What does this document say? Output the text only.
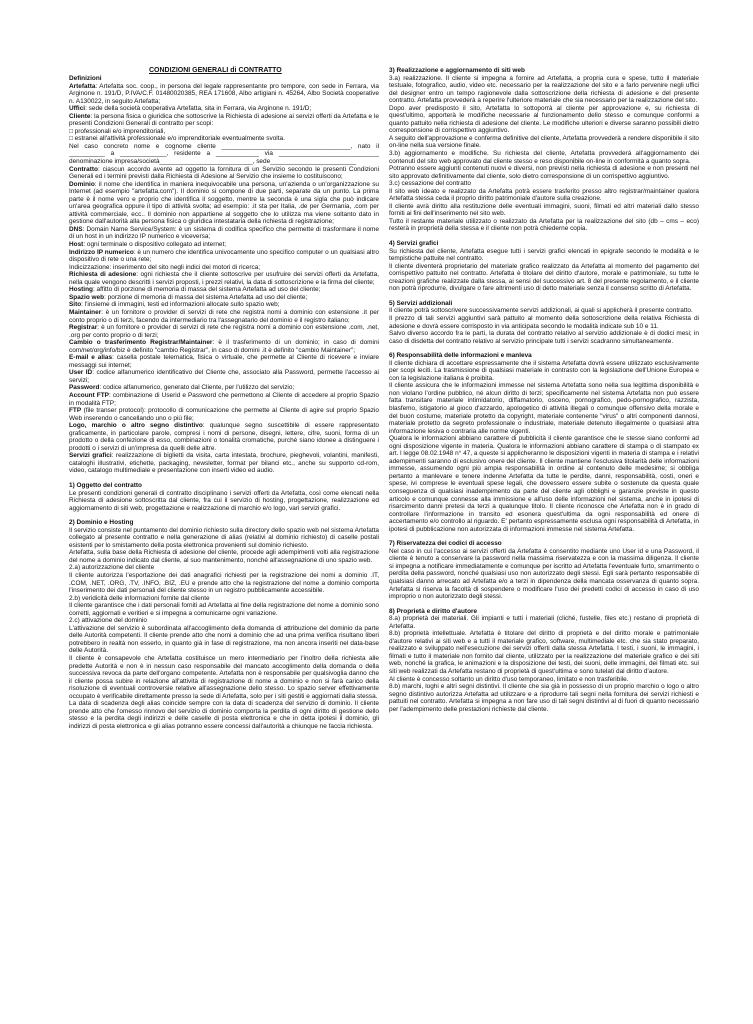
CONDIZIONI GENERALI di CONTRATTO

Definizioni

Artefatta: Artefatta soc. coop., in persona del legale rappresentante pro tempore, con sede in Ferrara, via Arginone n. 191/D, P.IVA/C.F. 01480020385, REA 171608, Albo artigiani n. 45264, Albo Società cooperative n. A130022, in seguito Artefatta;

Uffici: sede della società cooperativa Artefatta, sita in Ferrara, via Arginone n. 191/D;

Cliente: la persona fisica o giuridica che sottoscrive la Richiesta di adesione ai servizi offerti da Artefatta e le presenti Condizioni Generali di contratto per scopi:

□ professionali e/o imprenditoriali,

□ estranei all'attività professionale e/o imprenditoriale eventualmente svolta.

Nel caso concreto nome e cognome cliente ____________________________________, nato il __________ a _____________, residente a ____________ via ____________________________ denominazione impresa/società__________________________, sede________________________

Contratto: ciascun accordo avente ad oggetto la fornitura di un Servizio secondo le presenti Condizioni Generali ed i termini previsti dalla Richiesta di Adesione al Servizio che insieme lo costituiscono;

Dominio: il nome che identifica in maniera inequivocabile una persona, un'azienda o un'organizzazione su Internet (ad esempio "artefatta.com"). Il dominio si compone di due parti, separate da un punto. La prima parte è il nome vero e proprio che identifica il soggetto, mentre la seconda è una sigla che può indicare un'area geografica oppure il tipo di attività svolta; ad esempio: .it sta per Italia, .de per Germania, .com per attività commerciale, ecc.. Il dominio non appartiene al soggetto che lo utilizza ma viene soltanto dato in gestione dall'autorità alla persona fisica o giuridica intestataria della richiesta di registrazione;

DNS: Domain Name Service/System: è un sistema di codifica specifico che permette di trasformare il nome di un host in un indirizzo IP numerico e viceversa;

Host: ogni terminale o dispositivo collegato ad internet;

Indirizzo IP numerico: è un numero che identifica univocamente uno specifico computer o un qualsiasi altro dispositivo di rete o una rete;

Indicizzazione: inserimento del sito negli indici dei motori di ricerca;

Richiesta di adesione: ogni richiesta che il cliente sottoscrive per usufruire dei servizi offerti da Artefatta, nella quale vengono descritti i servizi proposti, i prezzi relativi, la data di sottoscrizione e la firma del cliente;

Hosting: affitto di porzione di memoria di massa del sistema Artefatta ad uso del cliente;

Spazio web: porzione di memoria di massa del sistema Artefatta ad uso del cliente;

Sito: l'insieme di immagini, testi ed informazioni allocate sullo spazio web;

Maintainer: è un fornitore o provider di servizi di rete che registra nomi a dominio con estensione .it per conto proprio o di terzi, facendo da intermediario tra l'assegnatario del dominio e il registro italiano;

Registrar: è un fornitore o provider di servizi di rete che registra nomi a dominio con estensione .com, .net, .org per conto proprio o di terzi;

Cambio o trasferimento Registrar/Maintainer: è il trasferimento di un dominio; in caso di domini com/net/org/info/biz è definito "cambio Registrar", in caso di domini .it è definito "cambio Maintainer";

E-mail e alias: casella postale telematica, fisica o virtuale, che permette al Cliente di ricevere e inviare messaggi sui internet;

User ID: codice alfanumerico identificativo del Cliente che, associato alla Password, permette l'accesso ai servizi;

Password: codice alfanumerico, generato dal Cliente, per l'utilizzo del servizio;

Account FTP: combinazione di Userid e Password che permettono al Cliente di accedere al proprio Spazio in modalità FTP;

FTP (file transer protocol): protocollo di comunicazione che permette al Cliente di agire sul proprio Spazio Web inserendo o cancellando uno o più file;

Logo, marchio o altro segno distintivo: qualunque segno suscettibile di essere rappresentato graficamente, in particolare parole, compresi i nomi di persone, disegni, lettere, cifre, suoni, forma di un prodotto o della confezione di esso, combinazioni o tonalità cromatiche, purché siano idonee a distinguere i prodotti o i servizi di un'impresa da quelli delle altre.

Servizi grafici: realizzazione di biglietti da visita, carta intestata, brochure, pieghevoli, volantini, manifesti, cataloghi illustrativi, etichette, packaging, newsletter, format per bilanci etc., anche su supporto cd-rom, video, catalogo multimediale e presentazione con inserti video ed audio.

1) Oggetto del contratto

Le presenti condizioni generali di contratto disciplinano i servizi offerti da Artefatta, così come elencati nella Richiesta di adesione sottoscritta dal cliente, fra cui il servizio di hosting, progettazione, realizzazione ed aggiornamento di siti web, progettazione e realizzazione di marchio e/o logo, vari servizi grafici.

2) Dominio e Hosting

Il servizio consiste nel puntamento del dominio richiesto sulla directory dello spazio web nel sistema Artefatta collegato al presente contratto e nella generazione di alias (relativi al dominio richiesto) di caselle postali esistenti per lo smistamento della posta elettronica provenienti sul dominio richiesto.

Artefatta, sulla base della Richiesta di adesione del cliente, procede agli adempimenti volti alla registrazione del nome a dominio indicato dal cliente, al suo mantenimento, nonché all'assegnazione di uno spazio web.

2.a) autorizzazione del cliente

Il cliente autorizza l'esportazione dei dati anagrafici richiesti per la registrazione dei nomi a dominio .IT, .COM, .NET, .ORG, .TV, .INFO, .BIZ, .EU e prende atto che la registrazione del nome a dominio comporta l'inserimento dei dati personali del cliente stesso in un registro pubblicamente accessibile.

2.b) veridicità delle informazioni fornite dal cliente

Il cliente garantisce che i dati personali forniti ad Artefatta al fine della registrazione del nome a dominio sono corretti, aggiornati e veritieri e si impegna a comunicarne ogni variazione.

2.c) attivazione del dominio

L'attivazione del servizio è subordinata all'accoglimento della domanda di attribuzione del dominio da parte delle Autorità competenti. Il cliente prende atto che nomi a dominio che ad una prima verifica risultano liberi potrebbero in realtà non esserlo, in quanto già in fase di registrazione, ma non ancora inseriti nel data-base delle Autorità.

Il cliente è consapevole che Artefatta costituisce un mero intermediario per l'inoltro della richiesta alle predette Autorità e non è in nessun caso responsabile del mancato accoglimento della domanda o della successiva revoca da parte dell'organo competente. Artefatta non è responsabile per qualsivoglia danno che il cliente possa subire in relazione all'attività di registrazione di nome a dominio e non si farà carico della risoluzione di eventuali controversie relative all'assegnazione dello stesso. Lo spazio server effettivamente occupato è verificabile direttamente presso la sede di Artefatta, solo per i siti gestiti e aggiornati dalla stessa.

La data di scadenza degli alias coincide sempre con la data di scadenza del servizio di dominio. Il cliente prende atto che l'omesso rinnovo del servizio di dominio comporta la perdita di ogni diritto di gestione dello stesso e la perdita degli indirizzi e delle caselle di posta elettronica e che in detta ipotesi il dominio, gli indirizzi di posta elettronica e gli alias potranno essere concessi dall'autorità a chiunque ne faccia richiesta.

3) Realizzazione e aggiornamento di siti web

3.a) realizzazione. Il cliente si impegna a fornire ad Artefatta, a propria cura e spese, tutto il materiale testuale, fotografico, audio, video etc. necessario per la realizzazione del sito e a farlo pervenire negli uffici del designer entro un tempo ragionevole dalla sottoscrizione della richiesta di adesione e del presente contratto. Artefatta provvederà a reperire l'ulteriore materiale che sia necessario per la realizzazione del sito.

Dopo aver predisposto il sito, Artefatta lo sottoporrà al cliente per approvazione e, su richiesta di quest'ultimo, apporterà le modifiche necessarie al funzionamento dello stesso e comunque conformi a quanto pattuito nella richiesta di adesione del cliente. Le modifiche ulteriori e diverse saranno possibili dietro corresponsione di corrispettivo aggiuntivo.

A seguito dell'approvazione e conferma definitive del cliente, Artefatta provvederà a rendere disponibile il sito on-line nella sua versione finale.

3.b) aggiornamento e modifiche. Su richiesta del cliente, Artefatta provvederà all'aggiornamento dei contenuti del sito web approvato dal cliente stesso e reso disponibile on-line in conformità a quanto sopra.

Potranno essere aggiunti contenuti nuovi e diversi, non previsti nella richiesta di adesione e non presenti nel sito approvato definitivamente dal cliente, solo dietro corresponsione di un corrispettivo aggiuntivo.

3.c) cessazione del contratto

Il sito web ideato e realizzato da Artefatta potrà essere trasferito presso altro registrar/maintainer qualora Artefatta stessa ceda il proprio diritto patrimoniale d'autore sulla creazione.

Il cliente avrà diritto alla restituzione delle eventuali immagini, suoni, filmati ed altri materiali dallo stesso forniti ai fini dell'inserimento nel sito web.

Tutto il restante materiale utilizzato o realizzato da Artefatta per la realizzazione del sito (db – cms – eco) resterà in proprietà della stessa e il cliente non potrà chiederne copia.

4) Servizi grafici

Su richiesta del cliente, Artefatta esegue tutti i servizi grafici elencati in epigrafe secondo le modalità e le tempistiche pattuite nel contratto.

Il cliente diventerà proprietario del materiale grafico realizzato da Artefatta al momento del pagamento del corrispettivo pattuito nel contratto. Artefatta è titolare del diritto d'autore, morale e patrimoniale, su tutte le creazioni grafiche realizzate dalla stessa, ai sensi del successivo art. 8 del presente regolamento, e il cliente non potrà riprodurre, divulgare o fare altrimenti uso di detto materiale senza il consenso scritto di Artefatta.

5) Servizi addizionali

Il cliente potrà sottoscrivere successivamente servizi addizionali, ai quali si applicherà il presente contratto.

Il prezzo di tali servizi aggiuntivi sarà pattuito al momento della sottoscrizione della relativa Richiesta di adesione e dovrà essere corrisposto in via anticipata secondo le modalità indicate sub 10 e 11.

Salvo diverso accordo fra le parti, la durata del contratto relativo al servizio addizionale è di dodici mesi; in caso di disdetta del contratto relativo al servizio principale tutti i servizi scadranno simultaneamente.

6) Responsabilità delle informazioni e manleva

Il cliente dichiara di accettare espressamente che il sistema Artefatta dovrà essere utilizzato esclusivamente per scopi leciti. La trasmissione di qualsiasi materiale in contrasto con la legislazione dell'Unione Europea e con la legislazione italiana è proibita.

Il cliente assicura che le informazioni immesse nel sistema Artefatta sono nella sua legittima disponibilità e non violano l'ordine pubblico, né alcun diritto di terzi; specificamente nel sistema Artefatta non può essere fatta transitare materiale intimidatorio, diffamatorio, osceno, pornografico, pedo-pornografico, razzista, blasfemo, istigatorio al gioco d'azzardo, apologetico di attività illegali o comunque offensivo della morale e del buon costume, materiale protetto da copyright, materiale contenente "virus" o altri componenti dannosi, materiale protetto da segreto professionale o industriale, materiale detenuto illegalmente o qualsiasi altra informazione lesiva o contraria alle norme vigenti.

Qualora le informazioni abbiano carattere di pubblicità il cliente garantisce che le stesse siano conformi ad ogni disposizione vigente in materia. Qualora le informazioni abbiano carattere di stampa o di stampato ex art. l legge 08.02.1948 n° 47, a queste si applicheranno le disposizioni vigenti in materia di stampa e i relativi adempimenti saranno di esclusivo onere del cliente. Il cliente mantiene l'esclusiva titolarità delle informazioni immesse, assumendo ogni più ampia responsabilità in ordine al contenuto delle medesime; si obbliga pertanto a manlevare e tenere indenne Artefatta da tutte le perdite, danni, responsabilità, costi, oneri e spese, ivi comprese le eventuali spese legali, che dovessero essere subite o sostenute da questa quale conseguenza di qualsiasi inadempimento da parte del cliente agli obblighi e garanzie previste in questo articolo e comunque connesse alla immissione e all'uso delle informazioni nel sistema, anche in ipotesi di risarcimento danni pretesi da terzi a qualunque titolo. Il cliente riconosce che Artefatta non è in grado di controllare l'informazione in transito ed esonera quest'ultima da ogni responsabilità ed onere di accertamento e/o controllo al riguardo. E' pertanto espressamente esclusa ogni responsabilità di Artefatta, in ipotesi di pubblicazione non autorizzata di informazioni immesse nel sistema Artefatta.

7) Riservatezza dei codici di accesso

Nel caso in cui l'accesso ai servizi offerti da Artefatta è consentito mediante uno User id e una Password, il cliente è tenuto a conservare la password nella massima riservatezza e con la massima diligenza. Il cliente si impegna a notificare immediatamente e comunque per iscritto ad Artefatta l'eventuale furto, smarrimento o perdita della password, nonché qualsiasi uso non autorizzato degli stessi. Egli sarà pertanto responsabile di qualsiasi danno arrecato ad Artefatta e/o a terzi in dipendenza della mancata osservanza di quanto sopra. Artefatta si riserva la facoltà di sospendere o modificare l'uso dei predetti codici di accesso in caso di uso improprio o non autorizzato degli stessi.

8) Proprietà e diritto d'autore

8.a) proprietà dei materiali. Gli impianti e tutti i materiali (cliché, fustelle, files etc.) restano di proprietà di Artefatta.

8.b) proprietà intellettuale. Artefatta è titolare del diritto di proprietà e del diritto morale e patrimoniale d'autore relativi ai siti web e a tutti il materiale grafico, software, multimediale etc. che sia stato preparato, realizzato e sviluppato nell'esecuzione dei servizi offerti dalla stessa Artefatta. I testi, i suoni, le immagini, i filmati e tutto il materiale non fornito dal cliente, utilizzato per la realizzazione del materiale grafico e dei siti web, nonché la grafica, le animazioni e la disposizione dei testi, dei suoni, delle immagini, dei filmati etc. sui siti web realizzati da Artefatta restano di proprietà di quest'ultima e sono tutelati dal diritto d'autore.

Al cliente è concesso soltanto un diritto d'uso temporaneo, limitato e non trasferibile.

8.b) marchi, loghi e altri segni distintivi. Il cliente che sia già in possesso di un proprio marchio o logo o altro segno distintivo autorizza Artefatta ad utilizzare e a riprodurre tali segni nella fornitura dei servizi richiesti e pattuiti nel contratto. Artefatta si impegna a non fare uso di tali segni distintivi al di fuori di quanto necessario per l'adempimento delle prestazioni richieste dal cliente.
